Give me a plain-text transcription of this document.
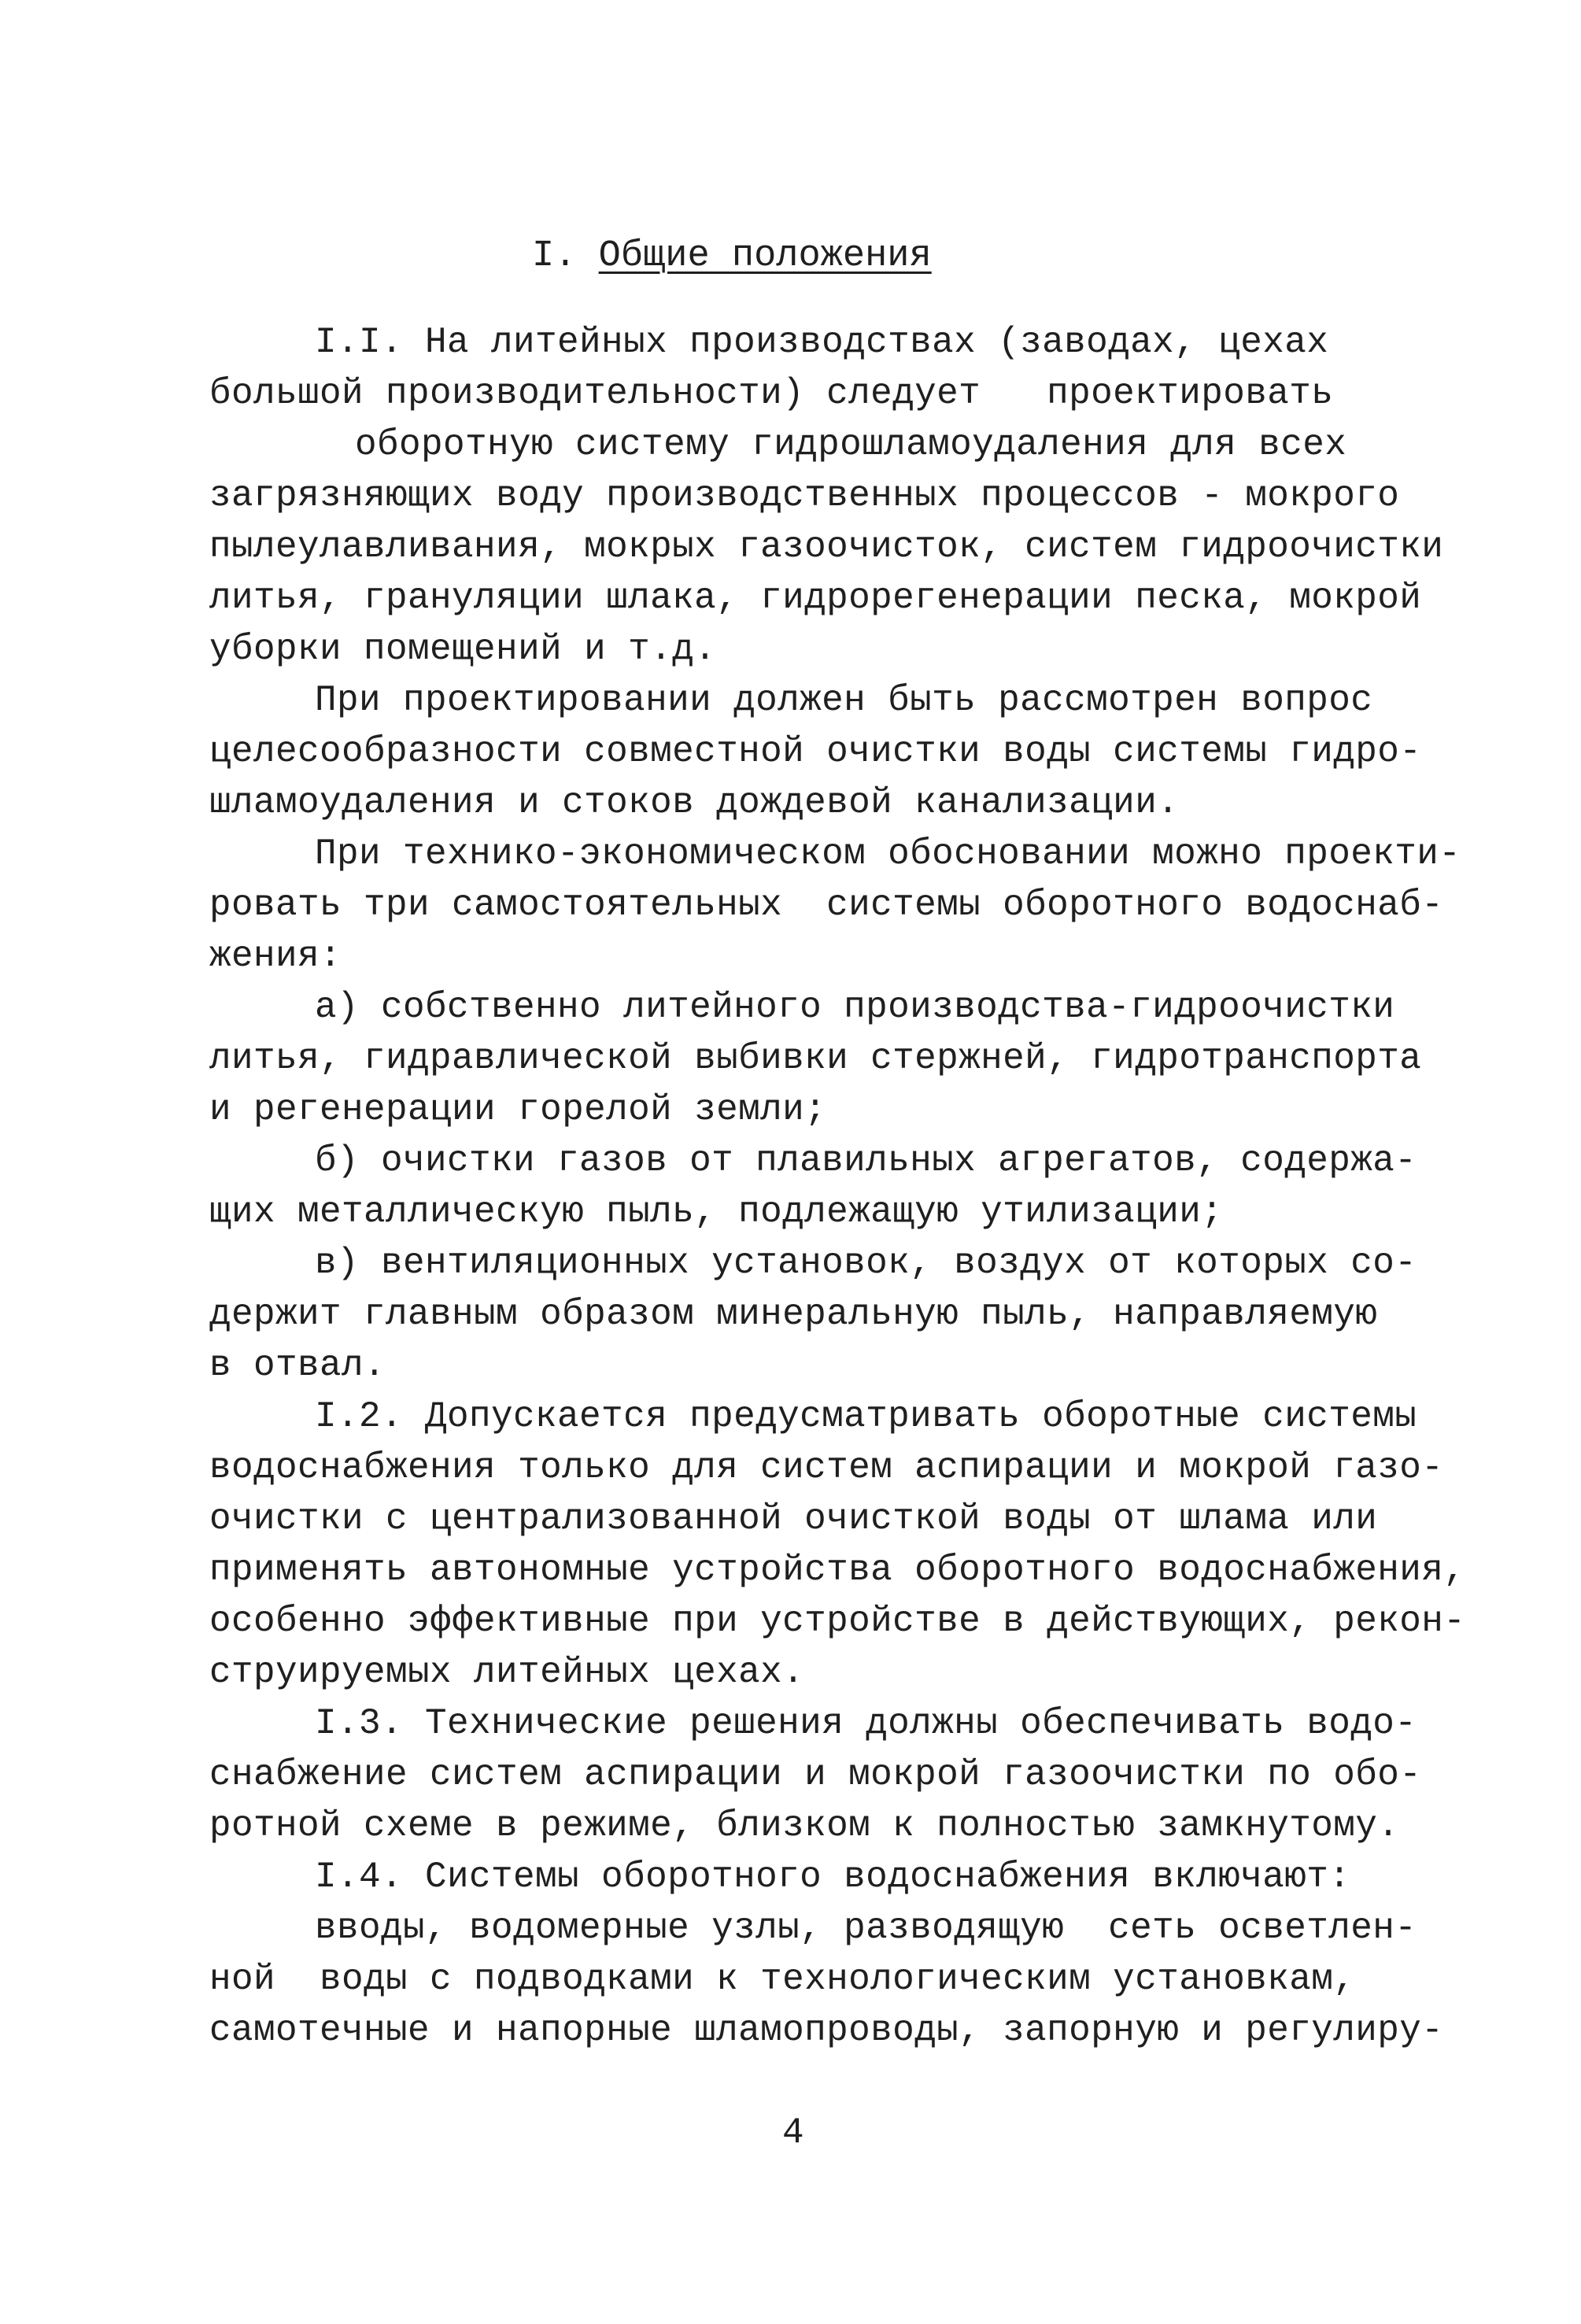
I. Общие положения
I.I. На литейных производствах (заводах, цехах
большой производительности) следует   проектировать
оборотную систему гидрошламоудаления для всех
загрязняющих воду производственных процессов - мокрого
пылеулавливания, мокрых газоочисток, систем гидроочистки
литья, грануляции шлака, гидрорегенерации песка, мокрой
уборки помещений и т.д.
При проектировании должен быть рассмотрен вопрос
целесообразности совместной очистки воды системы гидро-
шламоудаления и стоков дождевой канализации.
При технико-экономическом обосновании можно проекти-
ровать три самостоятельных  системы оборотного водоснаб-
жения:
а) собственно литейного производства-гидроочистки
литья, гидравлической выбивки стержней, гидротранспорта
и регенерации горелой земли;
б) очистки газов от плавильных агрегатов, содержа-
щих металлическую пыль, подлежащую утилизации;
в) вентиляционных установок, воздух от которых со-
держит главным образом минеральную пыль, направляемую
в отвал.
I.2. Допускается предусматривать оборотные системы
водоснабжения только для систем аспирации и мокрой газо-
очистки с централизованной очисткой воды от шлама или
применять автономные устройства оборотного водоснабжения,
особенно эффективные при устройстве в действующих, рекон-
струируемых литейных цехах.
I.3. Технические решения должны обеспечивать водо-
снабжение систем аспирации и мокрой газоочистки по обо-
ротной схеме в режиме, близком к полностью замкнутому.
I.4. Системы оборотного водоснабжения включают:
вводы, водомерные узлы, разводящую  сеть осветлен-
ной  воды с подводками к технологическим установкам,
самотечные и напорные шламопроводы, запорную и регулиру-
4
